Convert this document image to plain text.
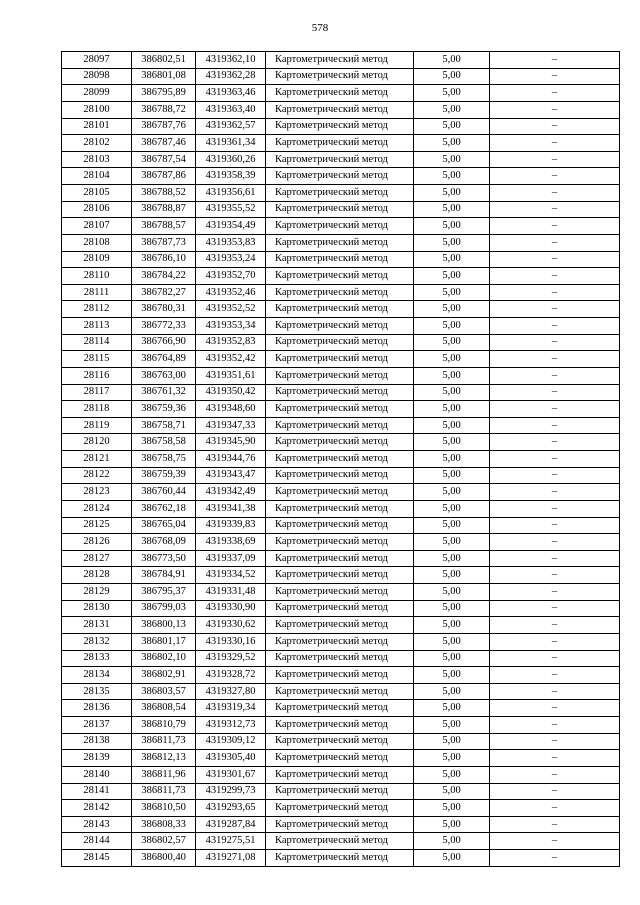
578
28097	386802,51	4319362,10	Картометрический метод	5,00	–
28098	386801,08	4319362,28	Картометрический метод	5,00	–
28099	386795,89	4319363,46	Картометрический метод	5,00	–
28100	386788,72	4319363,40	Картометрический метод	5,00	–
28101	386787,76	4319362,57	Картометрический метод	5,00	–
28102	386787,46	4319361,34	Картометрический метод	5,00	–
28103	386787,54	4319360,26	Картометрический метод	5,00	–
28104	386787,86	4319358,39	Картометрический метод	5,00	–
28105	386788,52	4319356,61	Картометрический метод	5,00	–
28106	386788,87	4319355,52	Картометрический метод	5,00	–
28107	386788,57	4319354,49	Картометрический метод	5,00	–
28108	386787,73	4319353,83	Картометрический метод	5,00	–
28109	386786,10	4319353,24	Картометрический метод	5,00	–
28110	386784,22	4319352,70	Картометрический метод	5,00	–
28111	386782,27	4319352,46	Картометрический метод	5,00	–
28112	386780,31	4319352,52	Картометрический метод	5,00	–
28113	386772,33	4319353,34	Картометрический метод	5,00	–
28114	386766,90	4319352,83	Картометрический метод	5,00	–
28115	386764,89	4319352,42	Картометрический метод	5,00	–
28116	386763,00	4319351,61	Картометрический метод	5,00	–
28117	386761,32	4319350,42	Картометрический метод	5,00	–
28118	386759,36	4319348,60	Картометрический метод	5,00	–
28119	386758,71	4319347,33	Картометрический метод	5,00	–
28120	386758,58	4319345,90	Картометрический метод	5,00	–
28121	386758,75	4319344,76	Картометрический метод	5,00	–
28122	386759,39	4319343,47	Картометрический метод	5,00	–
28123	386760,44	4319342,49	Картометрический метод	5,00	–
28124	386762,18	4319341,38	Картометрический метод	5,00	–
28125	386765,04	4319339,83	Картометрический метод	5,00	–
28126	386768,09	4319338,69	Картометрический метод	5,00	–
28127	386773,50	4319337,09	Картометрический метод	5,00	–
28128	386784,91	4319334,52	Картометрический метод	5,00	–
28129	386795,37	4319331,48	Картометрический метод	5,00	–
28130	386799,03	4319330,90	Картометрический метод	5,00	–
28131	386800,13	4319330,62	Картометрический метод	5,00	–
28132	386801,17	4319330,16	Картометрический метод	5,00	–
28133	386802,10	4319329,52	Картометрический метод	5,00	–
28134	386802,91	4319328,72	Картометрический метод	5,00	–
28135	386803,57	4319327,80	Картометрический метод	5,00	–
28136	386808,54	4319319,34	Картометрический метод	5,00	–
28137	386810,79	4319312,73	Картометрический метод	5,00	–
28138	386811,73	4319309,12	Картометрический метод	5,00	–
28139	386812,13	4319305,40	Картометрический метод	5,00	–
28140	386811,96	4319301,67	Картометрический метод	5,00	–
28141	386811,73	4319299,73	Картометрический метод	5,00	–
28142	386810,50	4319293,65	Картометрический метод	5,00	–
28143	386808,33	4319287,84	Картометрический метод	5,00	–
28144	386802,57	4319275,51	Картометрический метод	5,00	–
28145	386800,40	4319271,08	Картометрический метод	5,00	–
